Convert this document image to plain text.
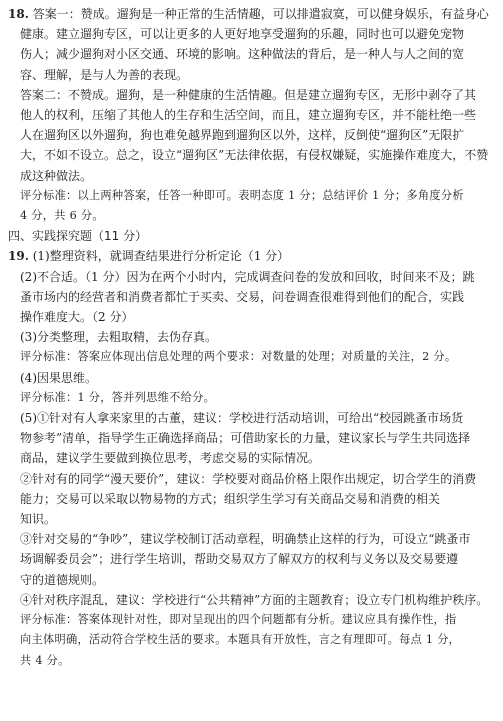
18. 答案一：赞成。遛狗是一种正常的生活情趣，可以排遣寂寞，可以健身娱乐，有益身心
健康。建立遛狗专区，可以让更多的人更好地享受遛狗的乐趣，同时也可以避免宠物
伤人；减少遛狗对小区交通、环境的影响。这种做法的背后，是一种人与人之间的宽
容、理解，是与人为善的表现。
答案二：不赞成。遛狗，是一种健康的生活情趣。但是建立遛狗专区，无形中剥夺了其
他人的权利，压缩了其他人的生存和生活空间，而且，建立遛狗专区，并不能杜绝一些
人在遛狗区以外遛狗，狗也难免越界跑到遛狗区以外，这样，反倒使“遛狗区”无限扩
大，不如不设立。总之，设立“遛狗区”无法律依据，有侵权嫌疑，实施操作难度大，不赞
成这种做法。
评分标准：以上两种答案，任答一种即可。表明态度 1 分；总结评价 1 分；多角度分析
4 分，共 6 分。
四、实践探究题（11 分）
19. (1)整理资料，就调查结果进行分析定论（1 分）
(2)不合适。（1 分）因为在两个小时内，完成调查问卷的发放和回收，时间来不及；跳
蚤市场内的经营者和消费者都忙于买卖、交易，问卷调查很难得到他们的配合，实践
操作难度大。（2 分）
(3)分类整理，去粗取精，去伪存真。
评分标准：答案应体现出信息处理的两个要求：对数量的处理；对质量的关注，2 分。
(4)因果思维。
评分标准：1 分，答并列思维不给分。
(5)①针对有人拿来家里的古董，建议：学校进行活动培训，可给出“校园跳蚤市场货
物参考”清单，指导学生正确选择商品；可借助家长的力量，建议家长与学生共同选择
商品，建议学生要做到换位思考，考虑交易的实际情况。
②针对有的同学“漫天要价”，建议：学校要对商品价格上限作出规定，切合学生的消费
能力；交易可以采取以物易物的方式；组织学生学习有关商品交易和消费的相关
知识。
③针对交易的“争吵”，建议学校制订活动章程，明确禁止这样的行为，可设立“跳蚤市
场调解委员会”；进行学生培训，帮助交易双方了解双方的权利与义务以及交易要遵
守的道德规则。
④针对秩序混乱，建议：学校进行“公共精神”方面的主题教育；设立专门机构维护秩序。
评分标准：答案体现针对性，即对呈现出的四个问题都有分析。建议应具有操作性，指
向主体明确，活动符合学校生活的要求。本题具有开放性，言之有理即可。每点 1 分，
共 4 分。
